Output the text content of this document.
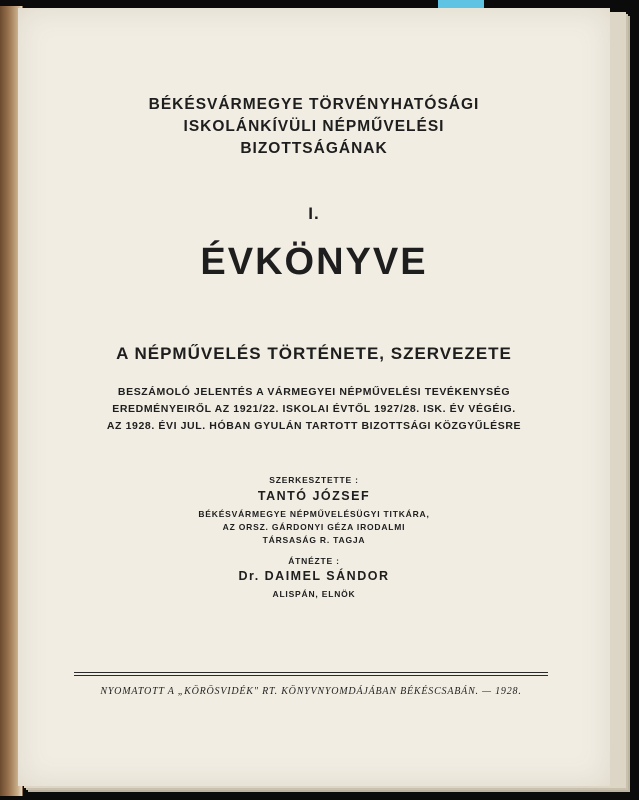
BÉKÉSVÁRMEGYE TÖRVÉNYHATÓSÁGI
ISKOLÁNKÍVÜLI NÉPMŰVELÉSI
BIZOTTSÁGÁNAK
I.
ÉVKÖNYVE
A NÉPMŰVELÉS TÖRTÉNETE, SZERVEZETE
BESZÁMOLÓ JELENTÉS A VÁRMEGYEI NÉPMŰVELÉSI TEVÉKENYSÉG
EREDMÉNYEIRŐL AZ 1921/22. ISKOLAI ÉVTŐL 1927/28. ISK. ÉV VÉGÉIG.
AZ 1928. ÉVI JUL. HÓBAN GYULÁN TARTOTT BIZOTTSÁGI KÖZGYŰLÉSRE
SZERKESZTETTE :
TANTÓ JÓZSEF
BÉKÉSVÁRMEGYE NÉPMŰVELÉSÜGYI TITKÁRA,
AZ ORSZ. GÁRDONYI GÉZA IRODALMI
TÁRSASÁG R. TAGJA
ÁTNÉZTE :
Dr. DAIMEL SÁNDOR
ALISPÁN, ELNÖK
NYOMATOTT A „KÖRÖSVIDÉK" RT. KÖNYVNYOMDÁJÁBAN BÉKÉSCSABÁN. — 1928.
